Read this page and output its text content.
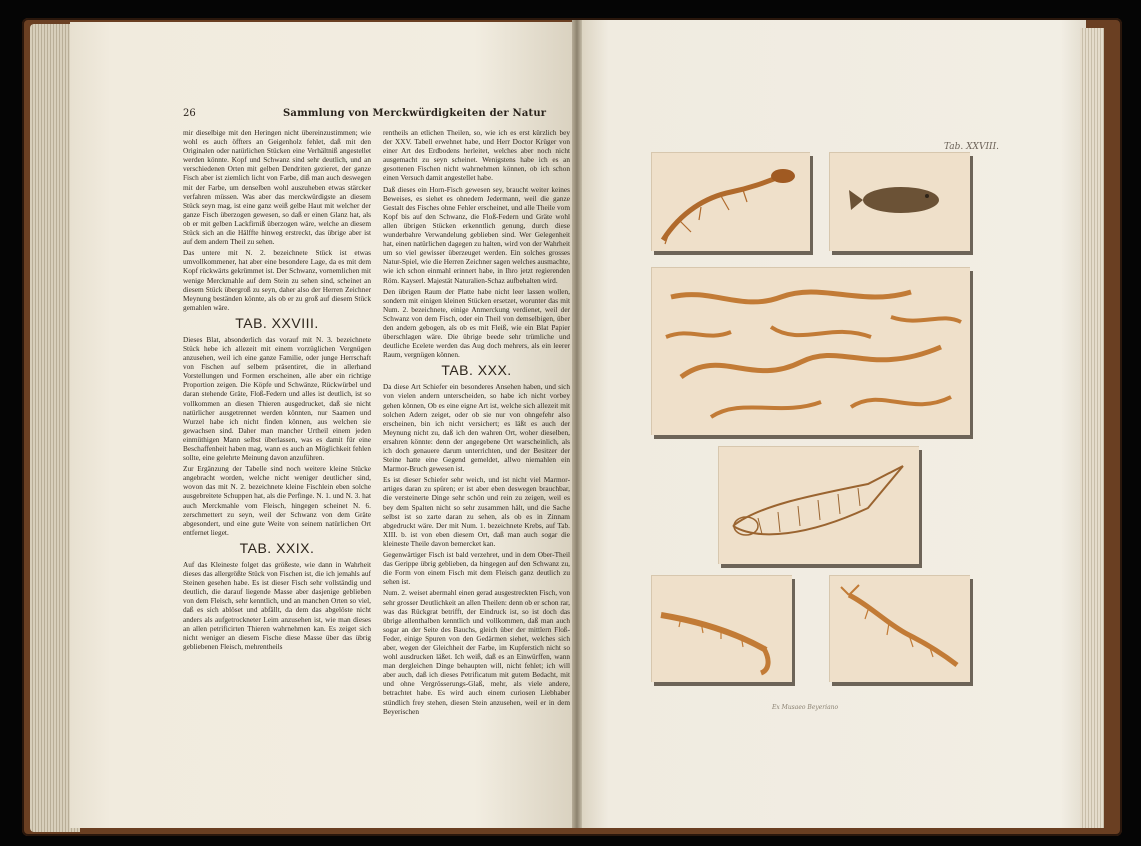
26	Sammlung von Merckwürdigkeiten der Natur

mir dieselbige mit den Heringen nicht übereinzustimmen; wie wohl es auch öffters an Geigenholz fehlet, daß mit den Originalen oder natürlichen Stücken eine Verhältniß angestellet werden könnte. Kopf und Schwanz sind sehr deutlich, und an verschiedenen Orten mit gelben Dendriten gezieret, der ganze Fisch aber ist ziemlich licht von Farbe, diß man auch deswegen mit der Farbe, um denselben wohl auszuheben etwas stärcker verfahren müssen. Was aber das merckwürdigste an diesem Stück seyn mag, ist eine ganz weiß gelbe Haut mit welcher der ganze Fisch überzogen gewesen, so daß er einen Glanz hat, als ob er mit gelben Lackfirniß überzogen wäre, welche an diesem Stück sich an die Hälffte hinweg erstreckt, das übrige aber ist auf dem andern Theil zu sehen.

Das untere mit N. 2. bezeichnete Stück ist etwas umvollkommener, hat aber eine besondere Lage, da es mit dem Kopf rückwärts gekrümmet ist. Der Schwanz, vornemlichen mit wenige Merckmahle auf dem Stein zu sehen sind, scheinet an diesem Stück übergroß zu seyn, daher also der Herren Zeichner Meynung beständen könnte, als ob er zu groß auf diesem Stück gemahlen wäre.

TAB. XXVIII.

Dieses Blat, absonderlich das vorauf mit N. 3. bezeichnete Stück hebe ich allezeit mit einem vorzüglichen Vergnügen anzusehen, weil ich eine ganze Familie, oder junge Herrschaft von Fischen auf selbem präsentiret, die in allerhand Vorstellungen und Formen erscheinen, alle aber ein richtige Proportion zeigen. Die Köpfe und Schwänze, Rückwürbel und daran stehende Gräte, Floß-Federn und alles ist deutlich, ist so vollkommen an diesen Thieren ausgedrucket, daß sie nicht natürlicher ausgetrennet werden könnten, nur Saamen und Wurzel habe ich nicht finden können, aus welchen sie gewachsen sind. Daher man mancher Urtheil einem jeden einmüthigen Mann selbst überlassen, was es damit für eine Beschaffenheit haben mag, wann es auch an Möglichkeit fehlen sollte, eine gelehrte Meinung davon anzuführen.

Zur Ergänzung der Tabelle sind noch weitere kleine Stücke angebracht worden, welche nicht weniger deutlicher sind, wovon das mit N. 2. bezeichnete kleine Fischlein eben solche ausgebreitete Schuppen hat, als die Perfinge. N. 1. und N. 3. hat auch Merckmahle vom Fleisch, hingegen scheinet N. 6. zerschmettert zu seyn, weil der Schwanz von dem Gräte abgesondert, und eine gute Weite von seinem natürlichen Ort entfernet lieget.

TAB. XXIX.

Auf das Kleineste folget das größeste, wie dann in Wahrheit dieses das allergrößte Stück von Fischen ist, die ich jemahls auf Steinen gesehen habe. Es ist dieser Fisch sehr vollständig und deutlich, die darauf liegende Masse aber dasjenige geblieben von dem Fleisch, sehr kenntlich, und an manchen Orten so viel, daß es sich ablöset und abfällt, da dem das abgelöste nicht anders als aufgetrockneter Leim anzusehen ist, wie man dieses an allen petrificirten Thieren wahrnehmen kan. Es zeiget sich nicht weniger an diesem Fische diese Masse über das übrig gebliebenen Fleisch, mehrentheils

rentheils an etlichen Theilen, so, wie ich es erst kürzlich bey der XXV. Tabell erwehnet habe, und Herr Doctor Krüger von einer Art des Erdbodens herleitet, welches aber noch nicht ausgemacht zu seyn scheinet. Wenigstens habe ich es an gesottenen Fischen nicht wahrnehmen können, ob ich schon einen Versuch damit angestellet habe.

Daß dieses ein Horn-Fisch gewesen sey, braucht weiter keines Beweises, es siehet es ohnedem Jedermann, weil die ganze Gestalt des Fisches ohne Fehler erscheinet, und alle Theile vom Kopf bis auf den Schwanz, die Floß-Federn und Gräte wohl allen übrigen Stücken erkenntlich genung, durch diese wunderbahre Verwandelung geblieben sind. Wer Gelegenheit hat, einen natürlichen dagegen zu halten, wird von der Wahrheit um so viel gewisser überzeuget werden. Ein solches grosses Natur-Spiel, wie die Herren Zeichner sagen welches ausmachte, wie ich schon einmahl erinnert habe, in Ihro jetzt regierenden Röm. Kayserl. Majestät Naturalien-Schaz aufbehalten wird.

Den übrigen Raum der Platte habe nicht leer lassen wollen, sondern mit einigen kleinen Stücken ersetzet, worunter das mit Num. 2. bezeichnete, einige Anmerckung verdienet, weil der Schwanz von dem Fisch, oder ein Theil von demselbigen, über den andern gebogen, als ob es mit Fleiß, wie ein Blat Papier überschlagen wäre. Die übrige beede sehr trümliche und deutliche Ecelete werden das Aug doch mehrers, als ein leerer Raum, vergnügen können.

TAB. XXX.

Da diese Art Schiefer ein besonderes Ansehen haben, und sich von vielen andern unterscheiden, so habe ich nicht vorbey gehen können, Ob es eine eigne Art ist, welche sich allezeit mit solchen Adern zeiget, oder ob sie nur von ohngefehr also erscheinen, bin ich nicht versichert; es läßt es auch der Meynung nicht zu, daß ich den wahren Ort, woher dieselben, ersahren könnte: denn der angegebene Ort warscheinlich, als ich doch genauere darum unterrichten, und der Besitzer der Steine hatte eine Gegend gemeldet, allwo niemahlen ein Marmor-Bruch gewesen ist.

Es ist dieser Schiefer sehr weich, und ist nicht viel Marmor-artiges daran zu spüren; er ist aber eben deswegen brauchbar, die versteinerte Dinge sehr schön und rein zu zeigen, weil es bey dem Spalten nicht so sehr zusammen hält, und die Sache selbst ist so zarte daran zu sehen, als ob es in Zinnam abgedruckt wäre. Der mit Num. 1. bezeichnete Krebs, auf Tab. XIII. b. ist von eben diesem Ort, daß man auch sogar die kleineste Theile davon bemercket kan.

Gegenwärtiger Fisch ist bald verzehret, und in dem Ober-Theil das Gerippe übrig geblieben, da hingegen auf den Schwanz zu, die Form von einem Fisch mit dem Fleisch ganz deutlich zu sehen ist.

Num. 2. weiset abermahl einen gerad ausgestreckten Fisch, von sehr grosser Deutlichkeit an allen Theilen: denn ob er schon rar, was das Rückgrat betrifft, der Eindruck ist, so ist doch das übrige allenthalben kenntlich und vollkommen, daß man auch sogar an der Seite des Bauchs, gleich über der mittlern Floß-Feder, einige Spuren von den Gedärmen siehet, welches sich aber, wegen der Gleichheit der Farbe, im Kupferstich nicht so wohl ausdrucken läßet. Ich weiß, daß es an Einwürffen, wann man dergleichen Dinge behaupten will, nicht fehlet; ich will aber auch, daß ich dieses Petrificatum mit gutem Bedacht, mit und ohne Vergrösserungs-Glaß, mehr, als viele andere, betrachtet habe. Es wird auch einem curiosen Liebhaber stündlich frey stehen, diesen Stein anzusehen, weil er in dem Beyerischen

Tab. XXVIII.
Ex Musaeo Beyeriano
